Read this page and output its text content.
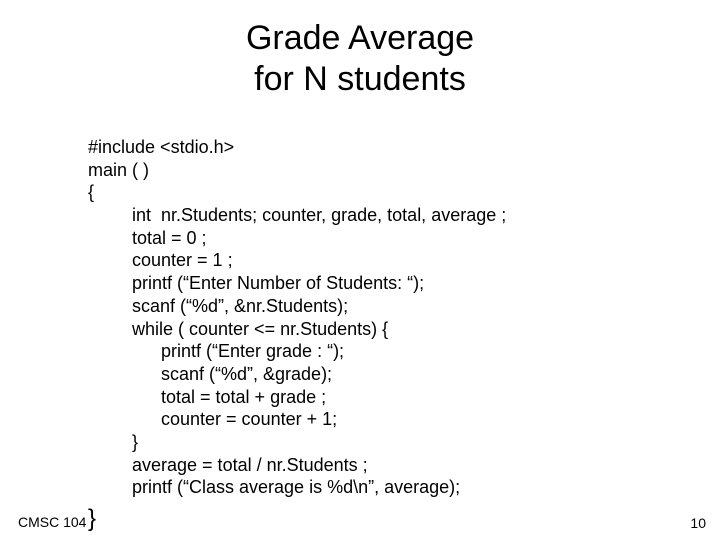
Grade Average
for N students
#include <stdio.h>
main ( )
{
int  nr.Students; counter, grade, total, average ;
total = 0 ;
counter = 1 ;
printf (“Enter Number of Students: “);
scanf (“%d”, &nr.Students);
while ( counter <= nr.Students) {
printf (“Enter grade : “);
scanf (“%d”, &grade);
total = total + grade ;
counter = counter + 1;
}
average = total / nr.Students ;
printf (“Class average is %d\n”, average);
CMSC 104 }	10
